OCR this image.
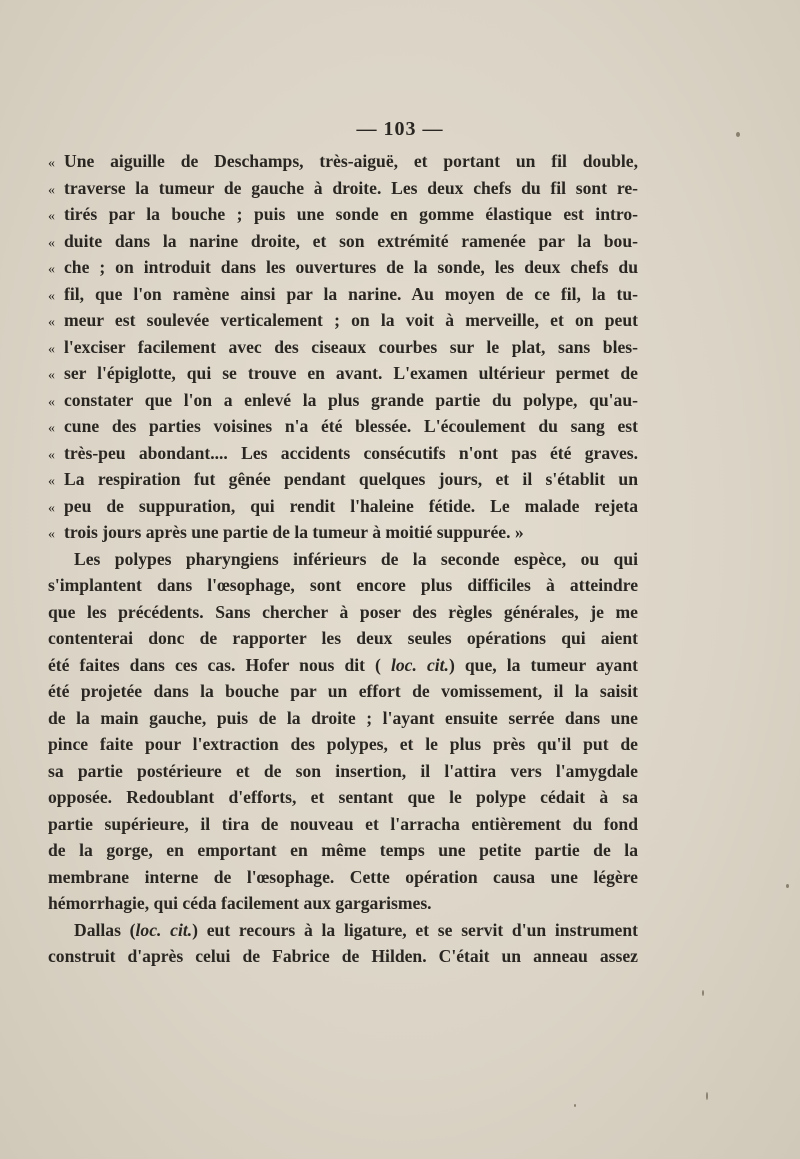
— 103 —
« Une aiguille de Deschamps, très-aiguë, et portant un fil double,
« traverse la tumeur de gauche à droite. Les deux chefs du fil sont re-
« tirés par la bouche ; puis une sonde en gomme élastique est intro-
« duite dans la narine droite, et son extrémité ramenée par la bou-
« che ; on introduit dans les ouvertures de la sonde, les deux chefs du
« fil, que l'on ramène ainsi par la narine. Au moyen de ce fil, la tu-
« meur est soulevée verticalement ; on la voit à merveille, et on peut
« l'exciser facilement avec des ciseaux courbes sur le plat, sans bles-
« ser l'épiglotte, qui se trouve en avant. L'examen ultérieur permet de
« constater que l'on a enlevé la plus grande partie du polype, qu'au-
« cune des parties voisines n'a été blessée. L'écoulement du sang est
« très-peu abondant.... Les accidents consécutifs n'ont pas été graves.
« La respiration fut gênée pendant quelques jours, et il s'établit un
« peu de suppuration, qui rendit l'haleine fétide. Le malade rejeta
« trois jours après une partie de la tumeur à moitié suppurée. »
Les polypes pharyngiens inférieurs de la seconde espèce, ou qui
s'implantent dans l'œsophage, sont encore plus difficiles à atteindre
que les précédents. Sans chercher à poser des règles générales, je me
contenterai donc de rapporter les deux seules opérations qui aient
été faites dans ces cas. Hofer nous dit ( loc. cit.) que, la tumeur ayant
été projetée dans la bouche par un effort de vomissement, il la saisit
de la main gauche, puis de la droite ; l'ayant ensuite serrée dans une
pince faite pour l'extraction des polypes, et le plus près qu'il put de
sa partie postérieure et de son insertion, il l'attira vers l'amygdale
opposée. Redoublant d'efforts, et sentant que le polype cédait à sa
partie supérieure, il tira de nouveau et l'arracha entièrement du fond
de la gorge, en emportant en même temps une petite partie de la
membrane interne de l'œsophage. Cette opération causa une légère
hémorrhagie, qui céda facilement aux gargarismes.
Dallas (loc. cit.) eut recours à la ligature, et se servit d'un instrument
construit d'après celui de Fabrice de Hilden. C'était un anneau assez
